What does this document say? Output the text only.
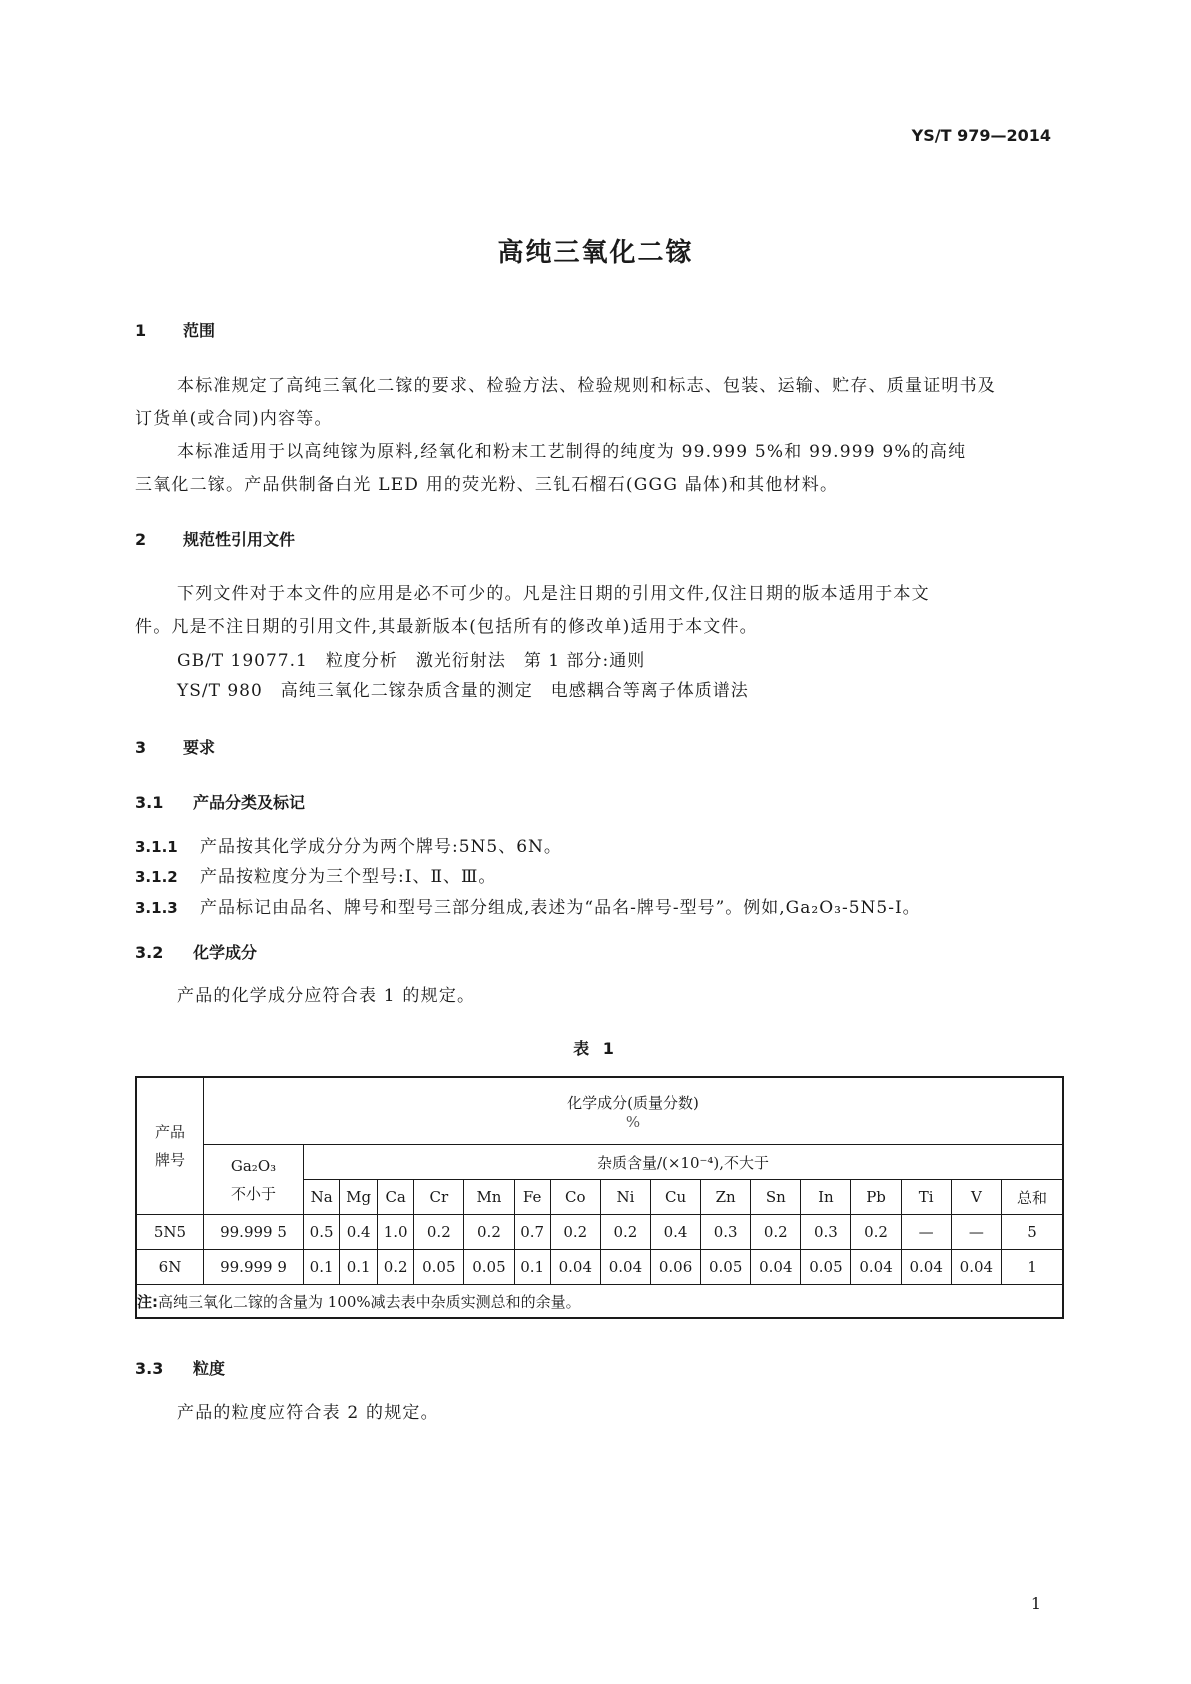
YS/T 979—2014
高纯三氧化二镓
1 范围
本标准规定了高纯三氧化二镓的要求、检验方法、检验规则和标志、包装、运输、贮存、质量证明书及
订货单(或合同)内容等。
本标准适用于以高纯镓为原料,经氧化和粉末工艺制得的纯度为 99.999 5%和 99.999 9%的高纯
三氧化二镓。产品供制备白光 LED 用的荧光粉、三钆石榴石(GGG 晶体)和其他材料。
2 规范性引用文件
下列文件对于本文件的应用是必不可少的。凡是注日期的引用文件,仅注日期的版本适用于本文
件。凡是不注日期的引用文件,其最新版本(包括所有的修改单)适用于本文件。
GB/T 19077.1 粒度分析　激光衍射法　第 1 部分:通则
YS/T 980 高纯三氧化二镓杂质含量的测定　电感耦合等离子体质谱法
3 要求
3.1 产品分类及标记
3.1.1 产品按其化学成分分为两个牌号:5N5、6N。
3.1.2 产品按粒度分为三个型号:Ⅰ、Ⅱ、Ⅲ。
3.1.3 产品标记由品名、牌号和型号三部分组成,表述为“品名-牌号-型号”。例如,Ga₂O₃-5N5-Ⅰ。
3.2 化学成分
产品的化学成分应符合表 1 的规定。
表 1
产品
牌号	化学成分(质量分数)
%																

	Ga₂O₃
不小于	杂质含量/(×10⁻⁴),不大于															
		Na	Mg	Ca	Cr	Mn	Fe	Co	Ni	Cu	Zn	Sn	In	Pb	Ti	V	总和
5N5	99.999 5	0.5	0.4	1.0	0.2	0.2	0.7	0.2	0.2	0.4	0.3	0.2	0.3	0.2	—	—	5
6N	99.999 9	0.1	0.1	0.2	0.05	0.05	0.1	0.04	0.04	0.06	0.05	0.04	0.05	0.04	0.04	0.04	1
注:高纯三氧化二镓的含量为 100%减去表中杂质实测总和的余量。																	
3.3 粒度
产品的粒度应符合表 2 的规定。
1
